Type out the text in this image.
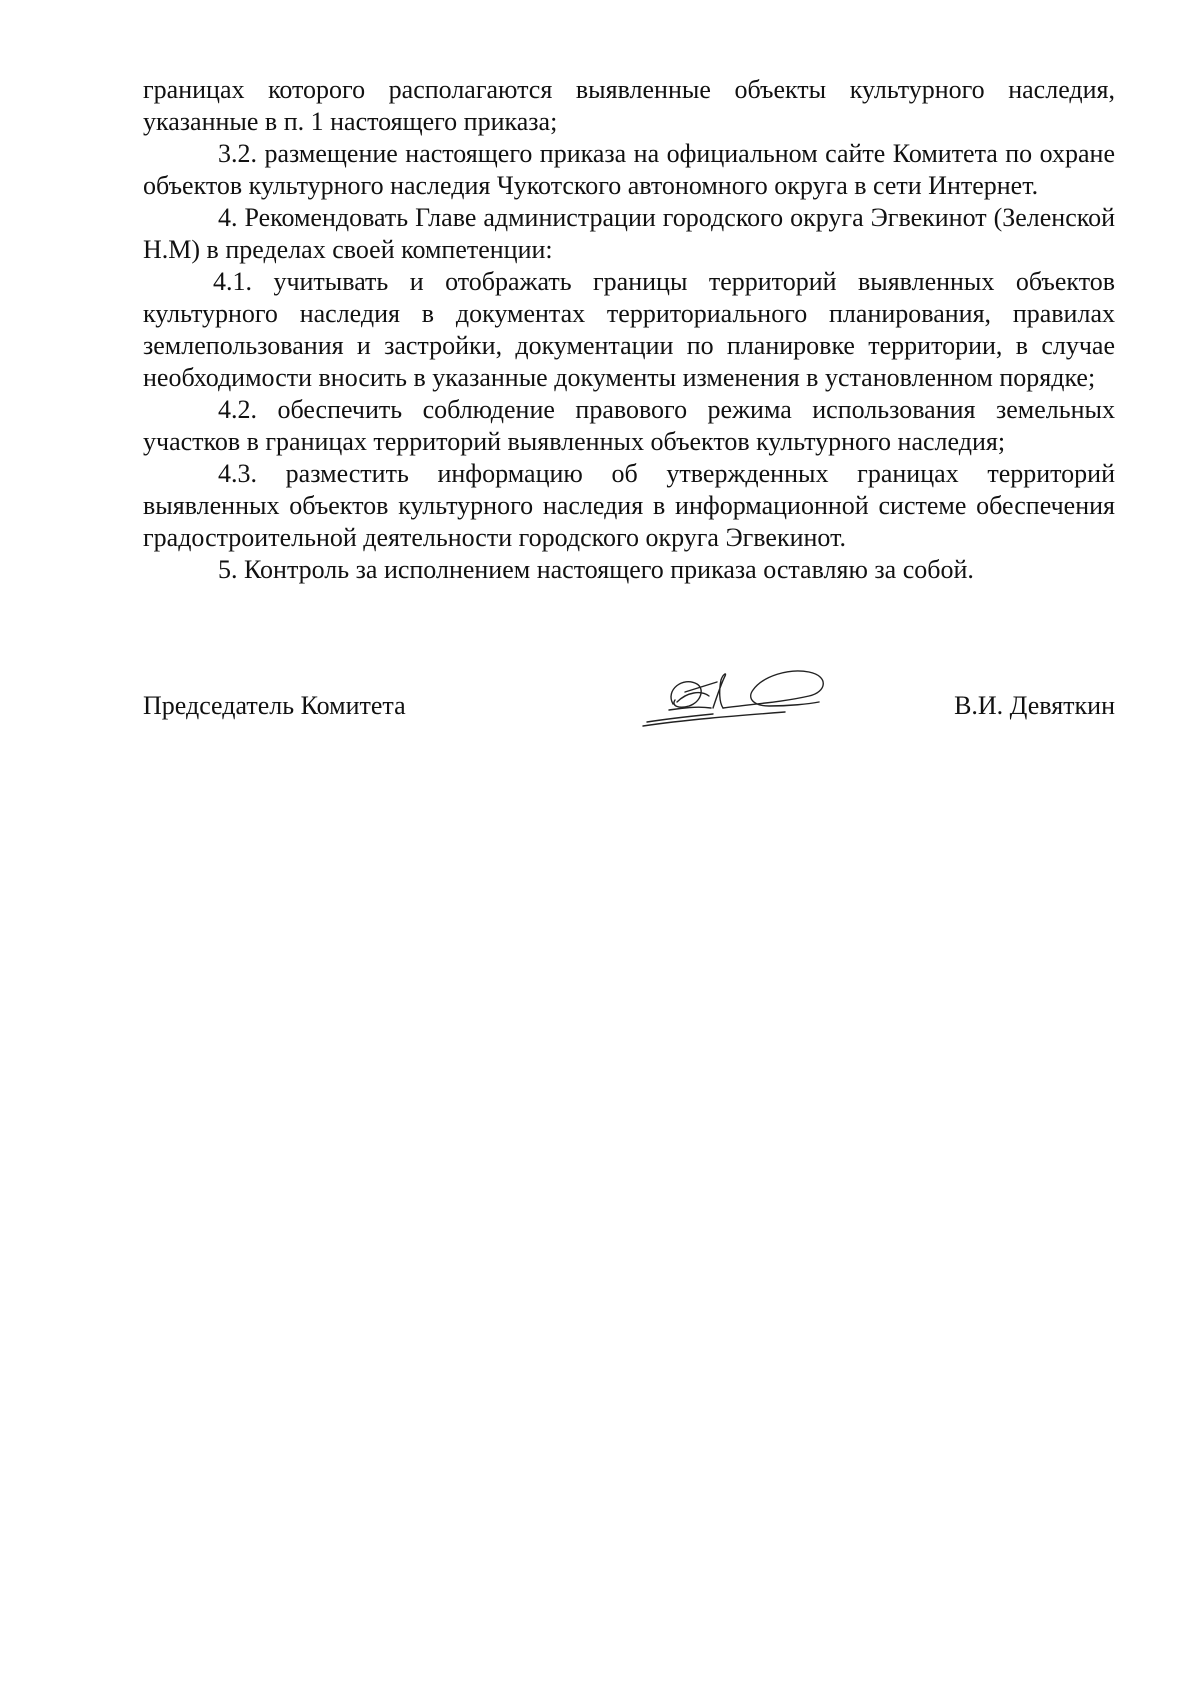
границах которого располагаются выявленные объекты культурного наследия, указанные в п. 1 настоящего приказа;

3.2. размещение настоящего приказа на официальном сайте Комитета по охране объектов культурного наследия Чукотского автономного округа в сети Интернет.

4. Рекомендовать Главе администрации городского округа Эгвекинот (Зеленской Н.М) в пределах своей компетенции:

4.1. учитывать и отображать границы территорий выявленных объектов культурного наследия в документах территориального планирования, правилах землепользования и застройки, документации по планировке территории, в случае необходимости вносить в указанные документы изменения в установленном порядке;

4.2. обеспечить соблюдение правового режима использования земельных участков в границах территорий выявленных объектов культурного наследия;

4.3. разместить информацию об утвержденных границах территорий выявленных объектов культурного наследия в информационной системе обеспечения градостроительной деятельности городского округа Эгвекинот.

5. Контроль за исполнением настоящего приказа оставляю за собой.

Председатель Комитета	В.И. Девяткин
